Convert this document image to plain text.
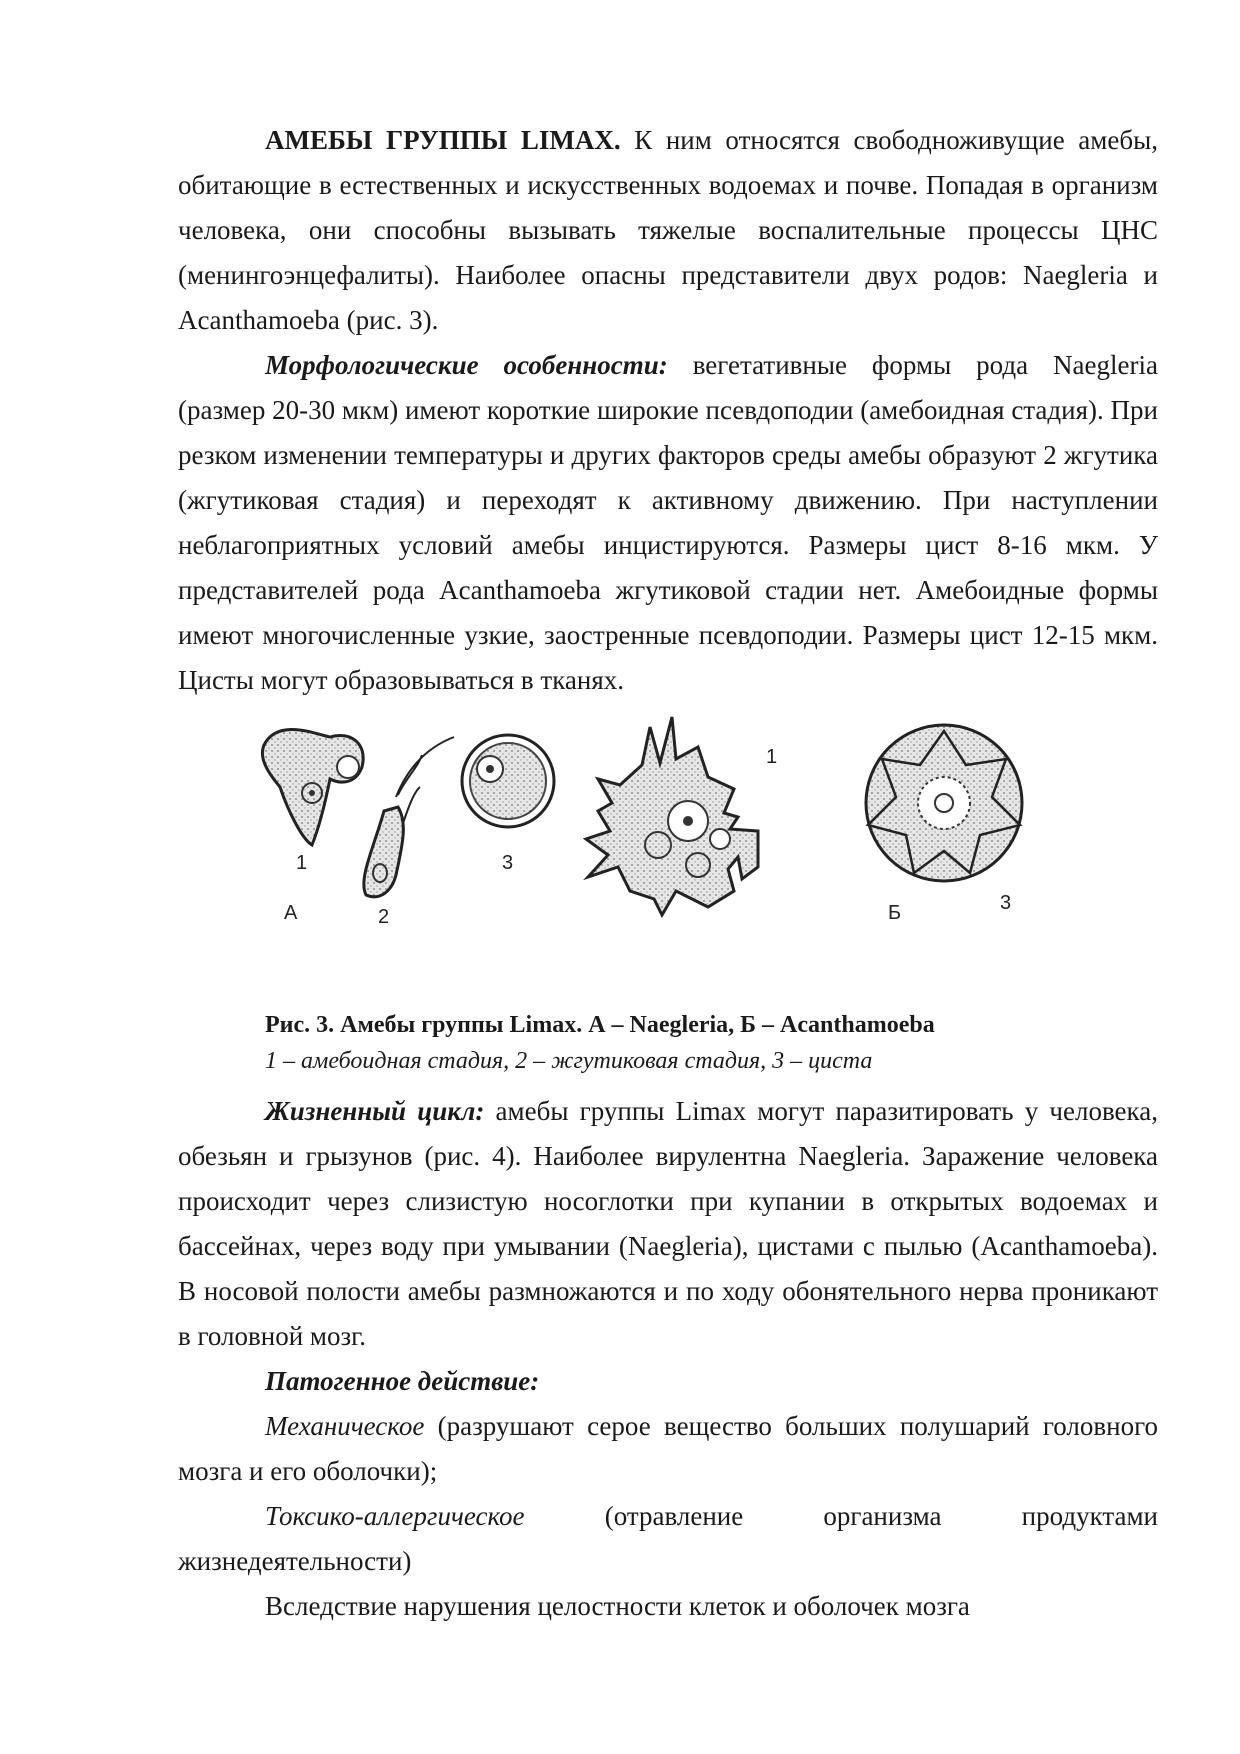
АМЕБЫ ГРУППЫ LIMAX. К ним относятся свободноживущие амебы, обитающие в естественных и искусственных водоемах и почве. Попадая в организм человека, они способны вызывать тяжелые воспалительные процессы ЦНС (менингоэнцефалиты). Наиболее опасны представители двух родов: Naegleria и Acanthamoeba (рис. 3).

Морфологические особенности: вегетативные формы рода Naegleria (размер 20-30 мкм) имеют короткие широкие псевдоподии (амебоидная стадия). При резком изменении температуры и других факторов среды амебы образуют 2 жгутика (жгутиковая стадия) и переходят к активному движению. При наступлении неблагоприятных условий амебы инцистируются. Размеры цист 8-16 мкм. У представителей рода Acanthamoeba жгутиковой стадии нет. Амебоидные формы имеют многочисленные узкие, заостренные псевдоподии. Размеры цист 12-15 мкм. Цисты могут образовываться в тканях.

1
2
3
А
1
Б	3
Рис. 3. Амебы группы Limax. А – Naegleria, Б – Acanthamoeba
1 – амебоидная стадия, 2 – жгутиковая стадия, 3 – циста

Жизненный цикл: амебы группы Limax могут паразитировать у человека, обезьян и грызунов (рис. 4). Наиболее вирулентна Naegleria. Заражение человека происходит через слизистую носоглотки при купании в открытых водоемах и бассейнах, через воду при умывании (Naegleria), цистами с пылью (Acanthamoeba). В носовой полости амебы размножаются и по ходу обонятельного нерва проникают в головной мозг.

Патогенное действие:

Механическое (разрушают серое вещество больших полушарий головного мозга и его оболочки);

Токсико-аллергическое (отравление организма продуктами жизнедеятельности)

Вследствие нарушения целостности клеток и оболочек мозга
